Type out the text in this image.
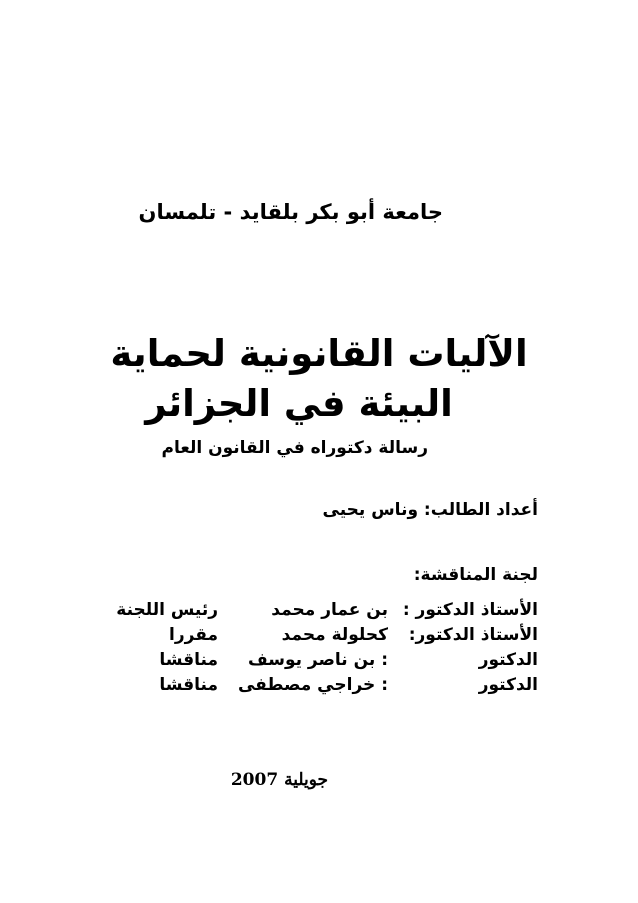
جامعة أبو بكر بلقايد - تلمسان
الآليات القانونية لحماية
البيئة في الجزائر
رسالة دكتوراه في القانون العام
أعداد الطالب: وناس يحيى
لجنة المناقشة:
الأستاذ الدكتور :
بن عمار محمد
رئيس اللجنة
الأستاذ الدكتور:
كحلولة محمد
مقررا
الدكتور
: بن ناصر يوسف
مناقشا
الدكتور
: خراجي مصطفى
مناقشا
جويلية 2007
